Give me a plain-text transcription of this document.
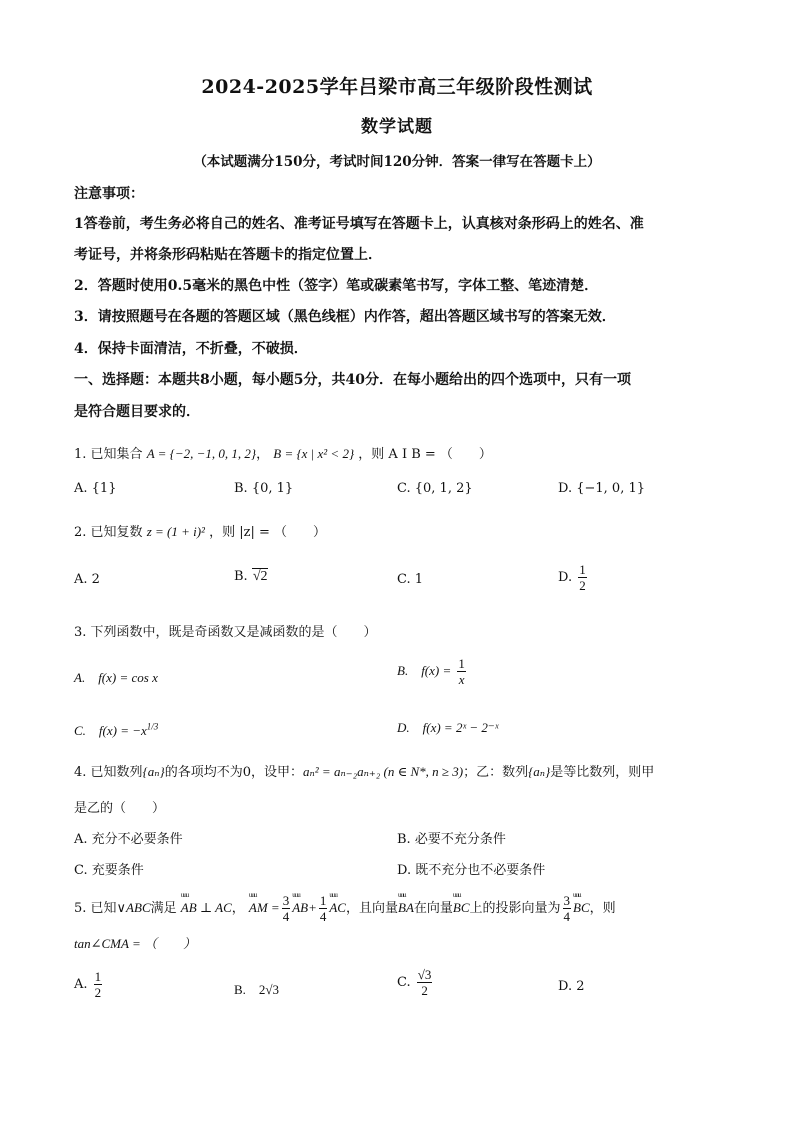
2024-2025学年吕梁市高三年级阶段性测试
数学试题
（本试题满分150分，考试时间120分钟．答案一律写在答题卡上）
注意事项：
1答卷前，考生务必将自己的姓名、准考证号填写在答题卡上，认真核对条形码上的姓名、准
考证号，并将条形码粘贴在答题卡的指定位置上．
2．答题时使用0.5毫米的黑色中性（签字）笔或碳素笔书写，字体工整、笔迹清楚．
3．请按照题号在各题的答题区域（黑色线框）内作答，超出答题区域书写的答案无效．
4．保持卡面清洁，不折叠，不破损．
一、选择题：本题共8小题，每小题5分，共40分．在每小题给出的四个选项中，只有一项
是符合题目要求的．
1. 已知集合 A = {−2, −1, 0, 1, 2}， B = {x | x² < 2} ，则 A I B = （　　）
A. {1}	B. {0, 1}	C. {0, 1, 2}	D. {−1, 0, 1}
2. 已知复数 z = (1 + i)² ，则 |z| = （　　）
A. 2	B. √2	C. 1	D. $\frac{1}{2}$
3. 下列函数中，既是奇函数又是减函数的是（　　）
A.　f(x) = cos x	B.　$f(x) = \frac{1}{x}$
C.　$f(x) = -x^{1/3}$	D.　f(x) = 2ˣ − 2⁻ˣ
4. 已知数列{aₙ}的各项均不为0，设甲：aₙ² = aₙ₋₂aₙ₊₂ (n ∈ N*, n ≥ 3)；乙：数列{aₙ}是等比数列，则甲
是乙的（　　）
A. 充分不必要条件	B. 必要不充分条件
C. 充要条件	D. 既不充分也不必要条件
5. 已知∨ABC满足 uuu AB ⊥ AC， uuu AM = $\frac{3}{4}$ uuu $AB+ \frac{1}{4}$ uuu AC，且向量uuu BA在向量uuu BC上的投影向量为 $\frac{3}{4}$ uuu BC，则
tan∠CMA = （　　）
A. $\frac{1}{2}$	B.　2√3	C. $\frac{√3}{2}$	D. 2
